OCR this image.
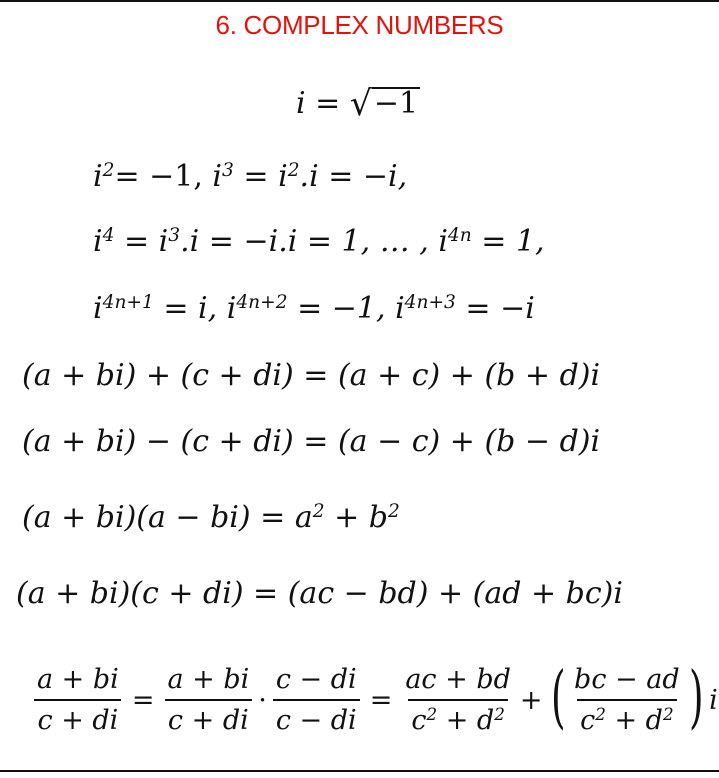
6. COMPLEX NUMBERS
i = √−1
$i^2= -1$, $i^3 = i^2.i = -i$,
$i^4 = i^3.i = -i.i = 1$, … , $i^{4n} = 1$,
$i^{4n+1} = i$, $i^{4n+2} = -1$, $i^{4n+3} = -i$
(a + bi) + (c + di) = (a + c) + (b + d)i
(a + bi) − (c + di) = (a − c) + (b − d)i
$(a + bi)(a - bi) = a^2 + b^2$
(a + bi)(c + di) = (ac − bd) + (ad + bc)i
$\frac{a + bi}{c + di} = \frac{a + bi}{c + di} \cdot \frac{c - di}{c - di} = \frac{ac + bd}{c^2 + d^2}$ + ( $\frac{bc - ad}{c^2 + d^2}$ ) i
